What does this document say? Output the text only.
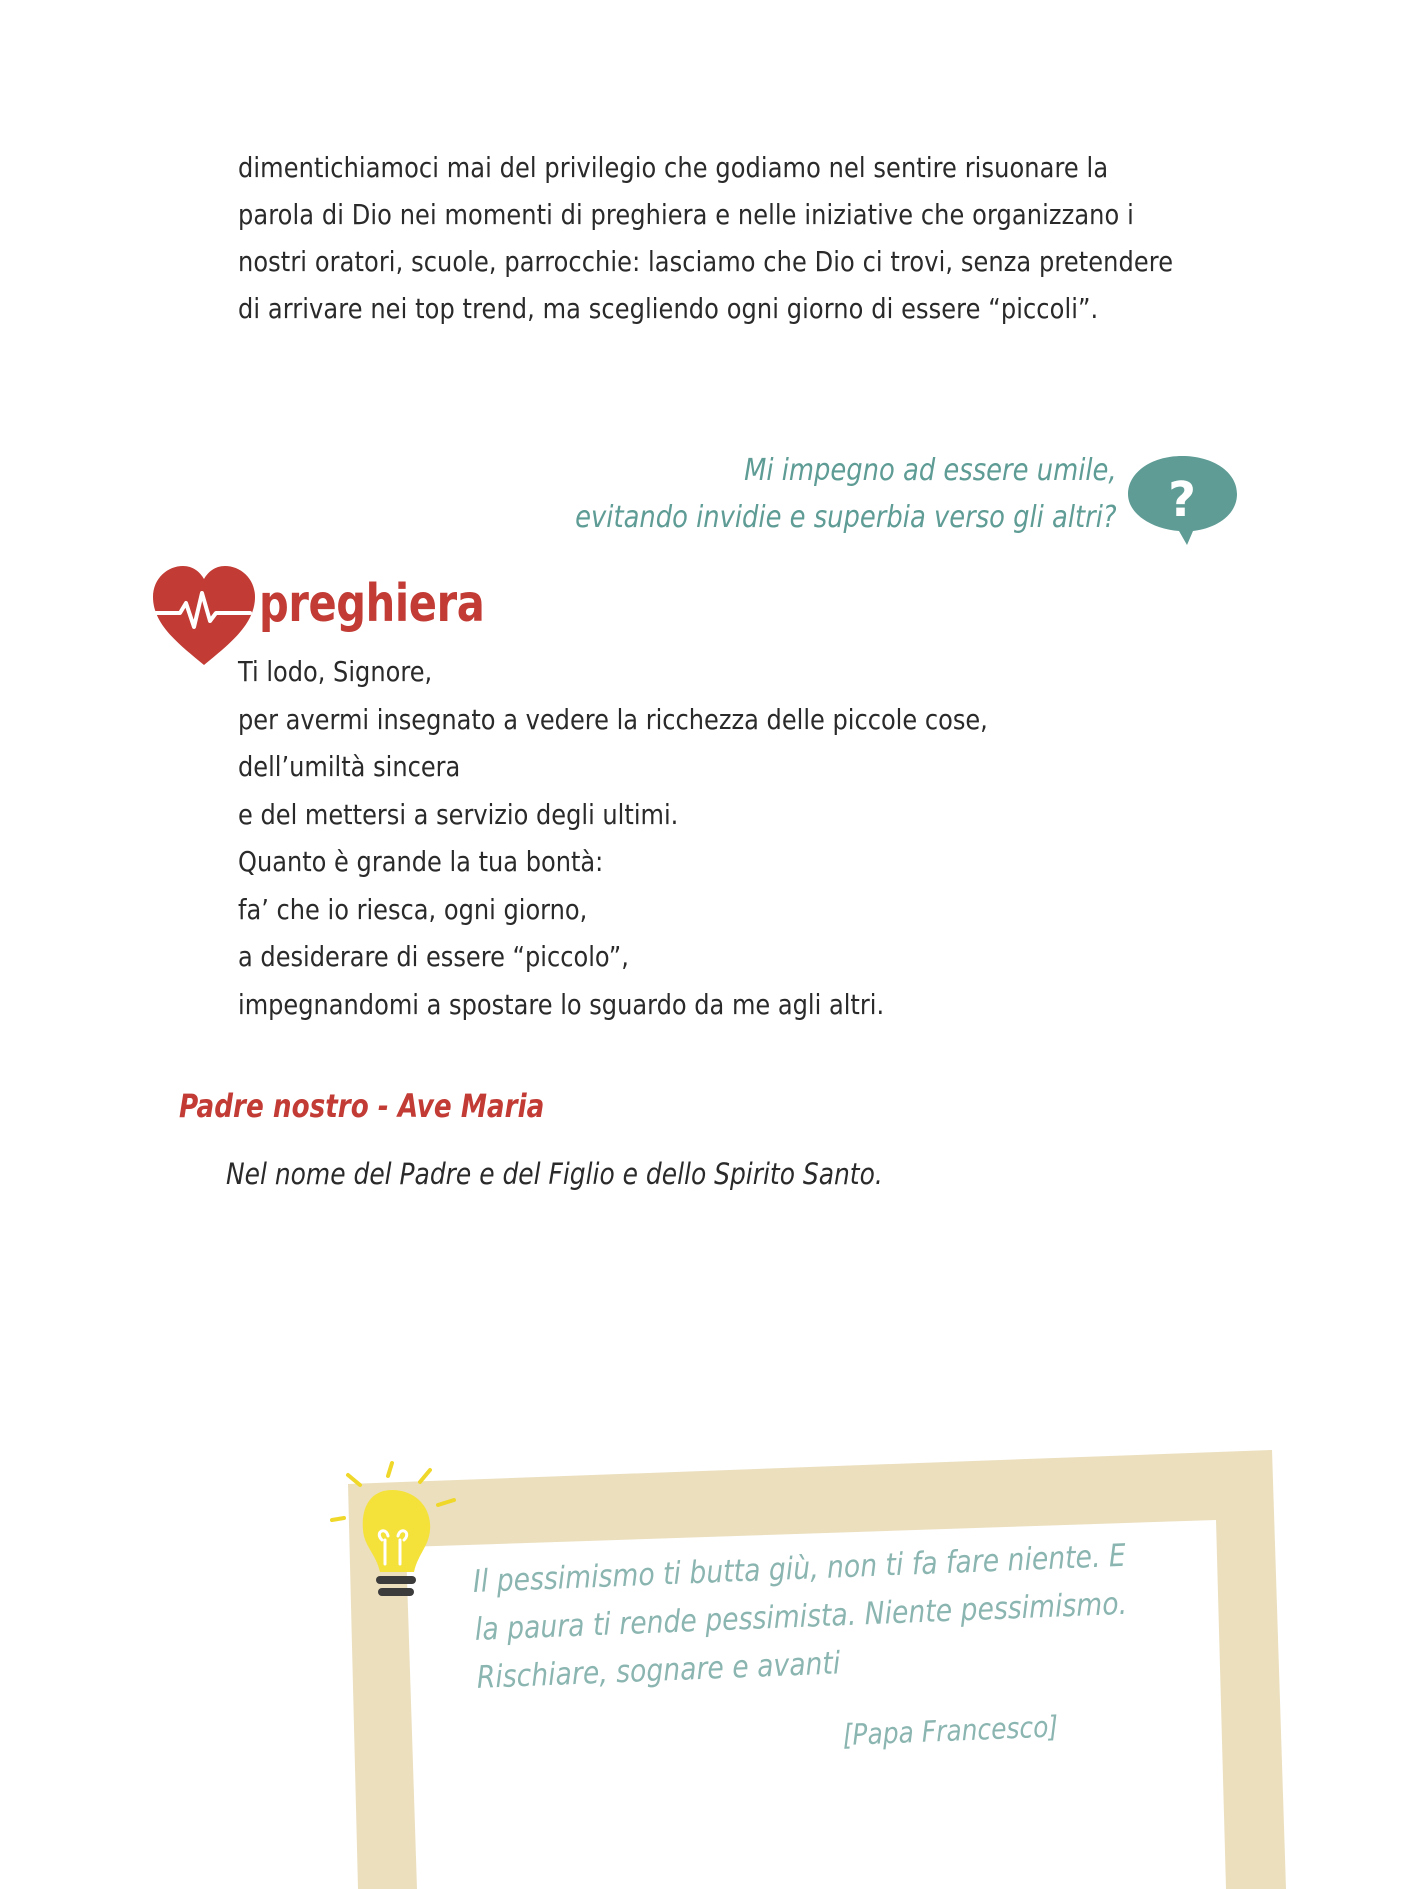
dimentichiamoci mai del privilegio che godiamo nel sentire risuonare la
parola di Dio nei momenti di preghiera e nelle iniziative che organizzano i
nostri oratori, scuole, parrocchie: lasciamo che Dio ci trovi, senza pretendere
di arrivare nei top trend, ma scegliendo ogni giorno di essere “piccoli”.
Mi impegno ad essere umile,
evitando invidie e superbia verso gli altri? ?
preghiera
Ti lodo, Signore,
per avermi insegnato a vedere la ricchezza delle piccole cose,
dell’umiltà sincera
e del mettersi a servizio degli ultimi.
Quanto è grande la tua bontà:
fa’ che io riesca, ogni giorno,
a desiderare di essere “piccolo”,
impegnandomi a spostare lo sguardo da me agli altri.
Padre nostro - Ave Maria
Nel nome del Padre e del Figlio e dello Spirito Santo.
Il pessimismo ti butta giù, non ti fa fare niente. E
la paura ti rende pessimista. Niente pessimismo.
Rischiare, sognare e avanti
[Papa Francesco]
